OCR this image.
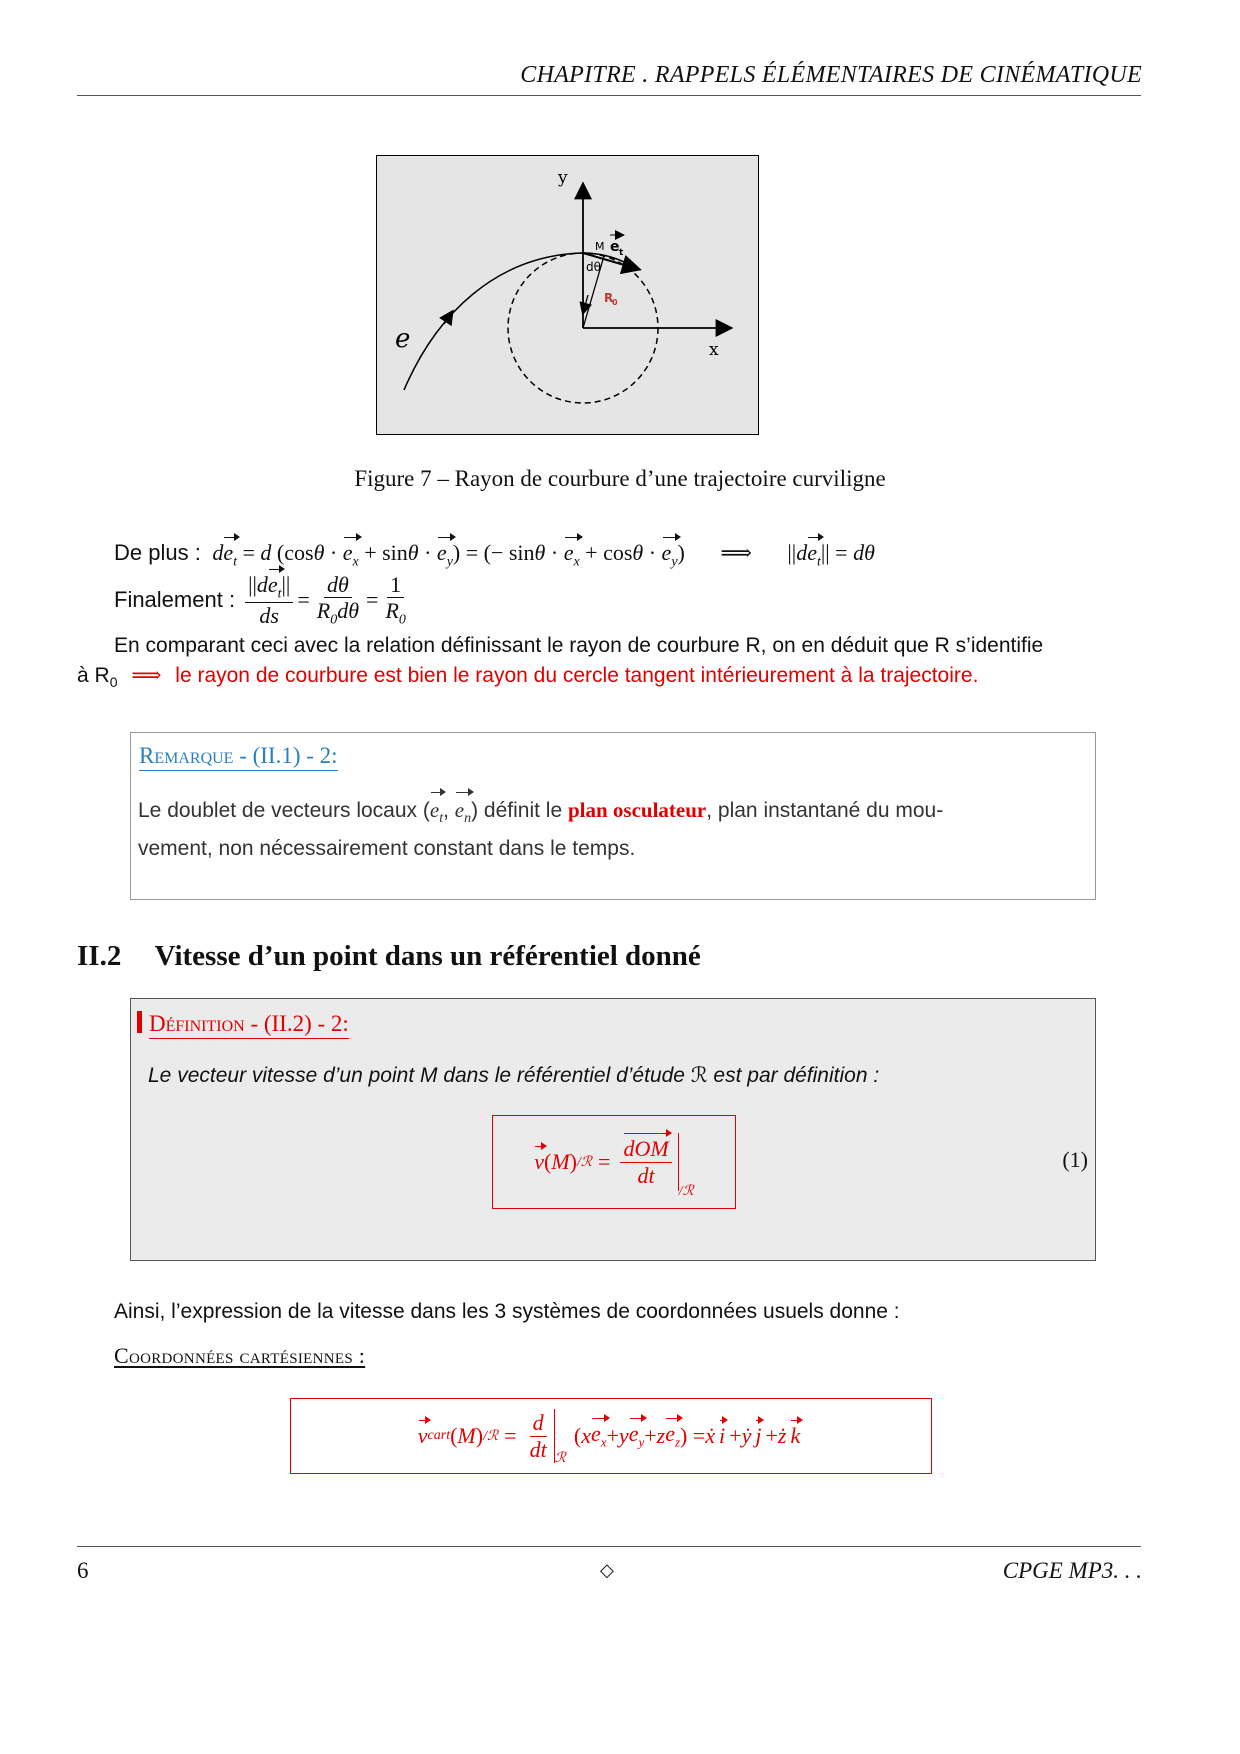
CHAPITRE . RAPPELS ÉLÉMENTAIRES DE CINÉMATIQUE
y
x
e
M e t
dθ
R
0
Figure 7 – Rayon de courbure d’une trajectoire curviligne
De plus : $de_t = d$ $(\cos\theta \cdot e_x + \sin\theta \cdot e_y)$ = (− $\sin\theta \cdot e_x + \cos\theta \cdot e_y$) ⟹ $||de_t|| = d\theta$
Finalement : $\frac{||de_t||}{ds} = \frac{d\theta}{R_0d\theta} = \frac{1}{R_0}$
En comparant ceci avec la relation définissant le rayon de courbure R, on en déduit que R s’identifie
à $R_0$ ⟹ le rayon de courbure est bien le rayon du cercle tangent intérieurement à la trajectoire.
Remarque - (II.1) - 2:
Le doublet de vecteurs locaux ($e_t$, $e_n$) définit le plan osculateur, plan instantané du mou-
vement, non nécessairement constant dans le temps.
II.2 Vitesse d’un point dans un référentiel donné
Définition - (II.2) - 2:
Le vecteur vitesse d’un point M dans le référentiel d’étude ℛ est par définition :
v ( M ) /ℛ = $\frac{\text{dOM}}{dt}$
$_{/ℛ}$
(1)
Ainsi, l’expression de la vitesse dans les 3 systèmes de coordonnées usuels donne :
Coordonnées cartésiennes :
v cart ( M ) /ℛ = $\frac{d}{dt} _ℛ$
( x $e_x + y$ $e_y + z$ $e_z$ ) = ẋ i + ẏ j + ż k
6	◇	CPGE MP3. . .
